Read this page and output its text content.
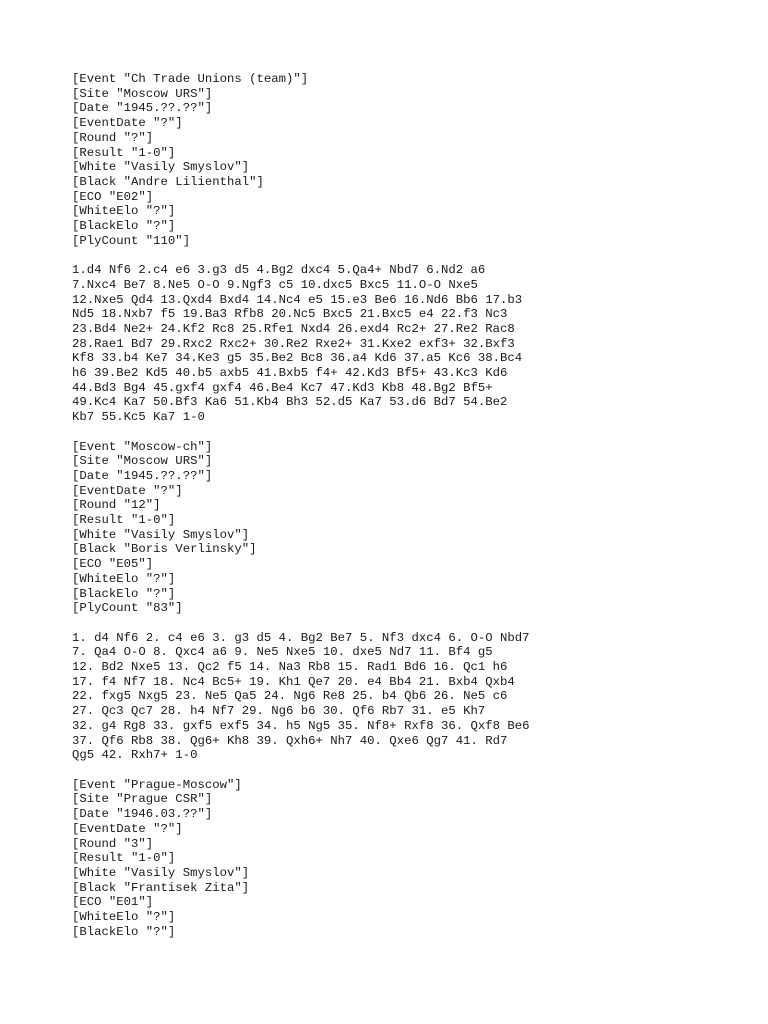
[Event "Ch Trade Unions (team)"]
[Site "Moscow URS"]
[Date "1945.??.??"]
[EventDate "?"]
[Round "?"]
[Result "1-0"]
[White "Vasily Smyslov"]
[Black "Andre Lilienthal"]
[ECO "E02"]
[WhiteElo "?"]
[BlackElo "?"]
[PlyCount "110"]
1.d4 Nf6 2.c4 e6 3.g3 d5 4.Bg2 dxc4 5.Qa4+ Nbd7 6.Nd2 a6
7.Nxc4 Be7 8.Ne5 O-O 9.Ngf3 c5 10.dxc5 Bxc5 11.O-O Nxe5
12.Nxe5 Qd4 13.Qxd4 Bxd4 14.Nc4 e5 15.e3 Be6 16.Nd6 Bb6 17.b3
Nd5 18.Nxb7 f5 19.Ba3 Rfb8 20.Nc5 Bxc5 21.Bxc5 e4 22.f3 Nc3
23.Bd4 Ne2+ 24.Kf2 Rc8 25.Rfe1 Nxd4 26.exd4 Rc2+ 27.Re2 Rac8
28.Rae1 Bd7 29.Rxc2 Rxc2+ 30.Re2 Rxe2+ 31.Kxe2 exf3+ 32.Bxf3
Kf8 33.b4 Ke7 34.Ke3 g5 35.Be2 Bc8 36.a4 Kd6 37.a5 Kc6 38.Bc4
h6 39.Be2 Kd5 40.b5 axb5 41.Bxb5 f4+ 42.Kd3 Bf5+ 43.Kc3 Kd6
44.Bd3 Bg4 45.gxf4 gxf4 46.Be4 Kc7 47.Kd3 Kb8 48.Bg2 Bf5+
49.Kc4 Ka7 50.Bf3 Ka6 51.Kb4 Bh3 52.d5 Ka7 53.d6 Bd7 54.Be2
Kb7 55.Kc5 Ka7 1-0
[Event "Moscow-ch"]
[Site "Moscow URS"]
[Date "1945.??.??"]
[EventDate "?"]
[Round "12"]
[Result "1-0"]
[White "Vasily Smyslov"]
[Black "Boris Verlinsky"]
[ECO "E05"]
[WhiteElo "?"]
[BlackElo "?"]
[PlyCount "83"]
1. d4 Nf6 2. c4 e6 3. g3 d5 4. Bg2 Be7 5. Nf3 dxc4 6. O-O Nbd7
7. Qa4 O-O 8. Qxc4 a6 9. Ne5 Nxe5 10. dxe5 Nd7 11. Bf4 g5
12. Bd2 Nxe5 13. Qc2 f5 14. Na3 Rb8 15. Rad1 Bd6 16. Qc1 h6
17. f4 Nf7 18. Nc4 Bc5+ 19. Kh1 Qe7 20. e4 Bb4 21. Bxb4 Qxb4
22. fxg5 Nxg5 23. Ne5 Qa5 24. Ng6 Re8 25. b4 Qb6 26. Ne5 c6
27. Qc3 Qc7 28. h4 Nf7 29. Ng6 b6 30. Qf6 Rb7 31. e5 Kh7
32. g4 Rg8 33. gxf5 exf5 34. h5 Ng5 35. Nf8+ Rxf8 36. Qxf8 Be6
37. Qf6 Rb8 38. Qg6+ Kh8 39. Qxh6+ Nh7 40. Qxe6 Qg7 41. Rd7
Qg5 42. Rxh7+ 1-0
[Event "Prague-Moscow"]
[Site "Prague CSR"]
[Date "1946.03.??"]
[EventDate "?"]
[Round "3"]
[Result "1-0"]
[White "Vasily Smyslov"]
[Black "Frantisek Zita"]
[ECO "E01"]
[WhiteElo "?"]
[BlackElo "?"]
